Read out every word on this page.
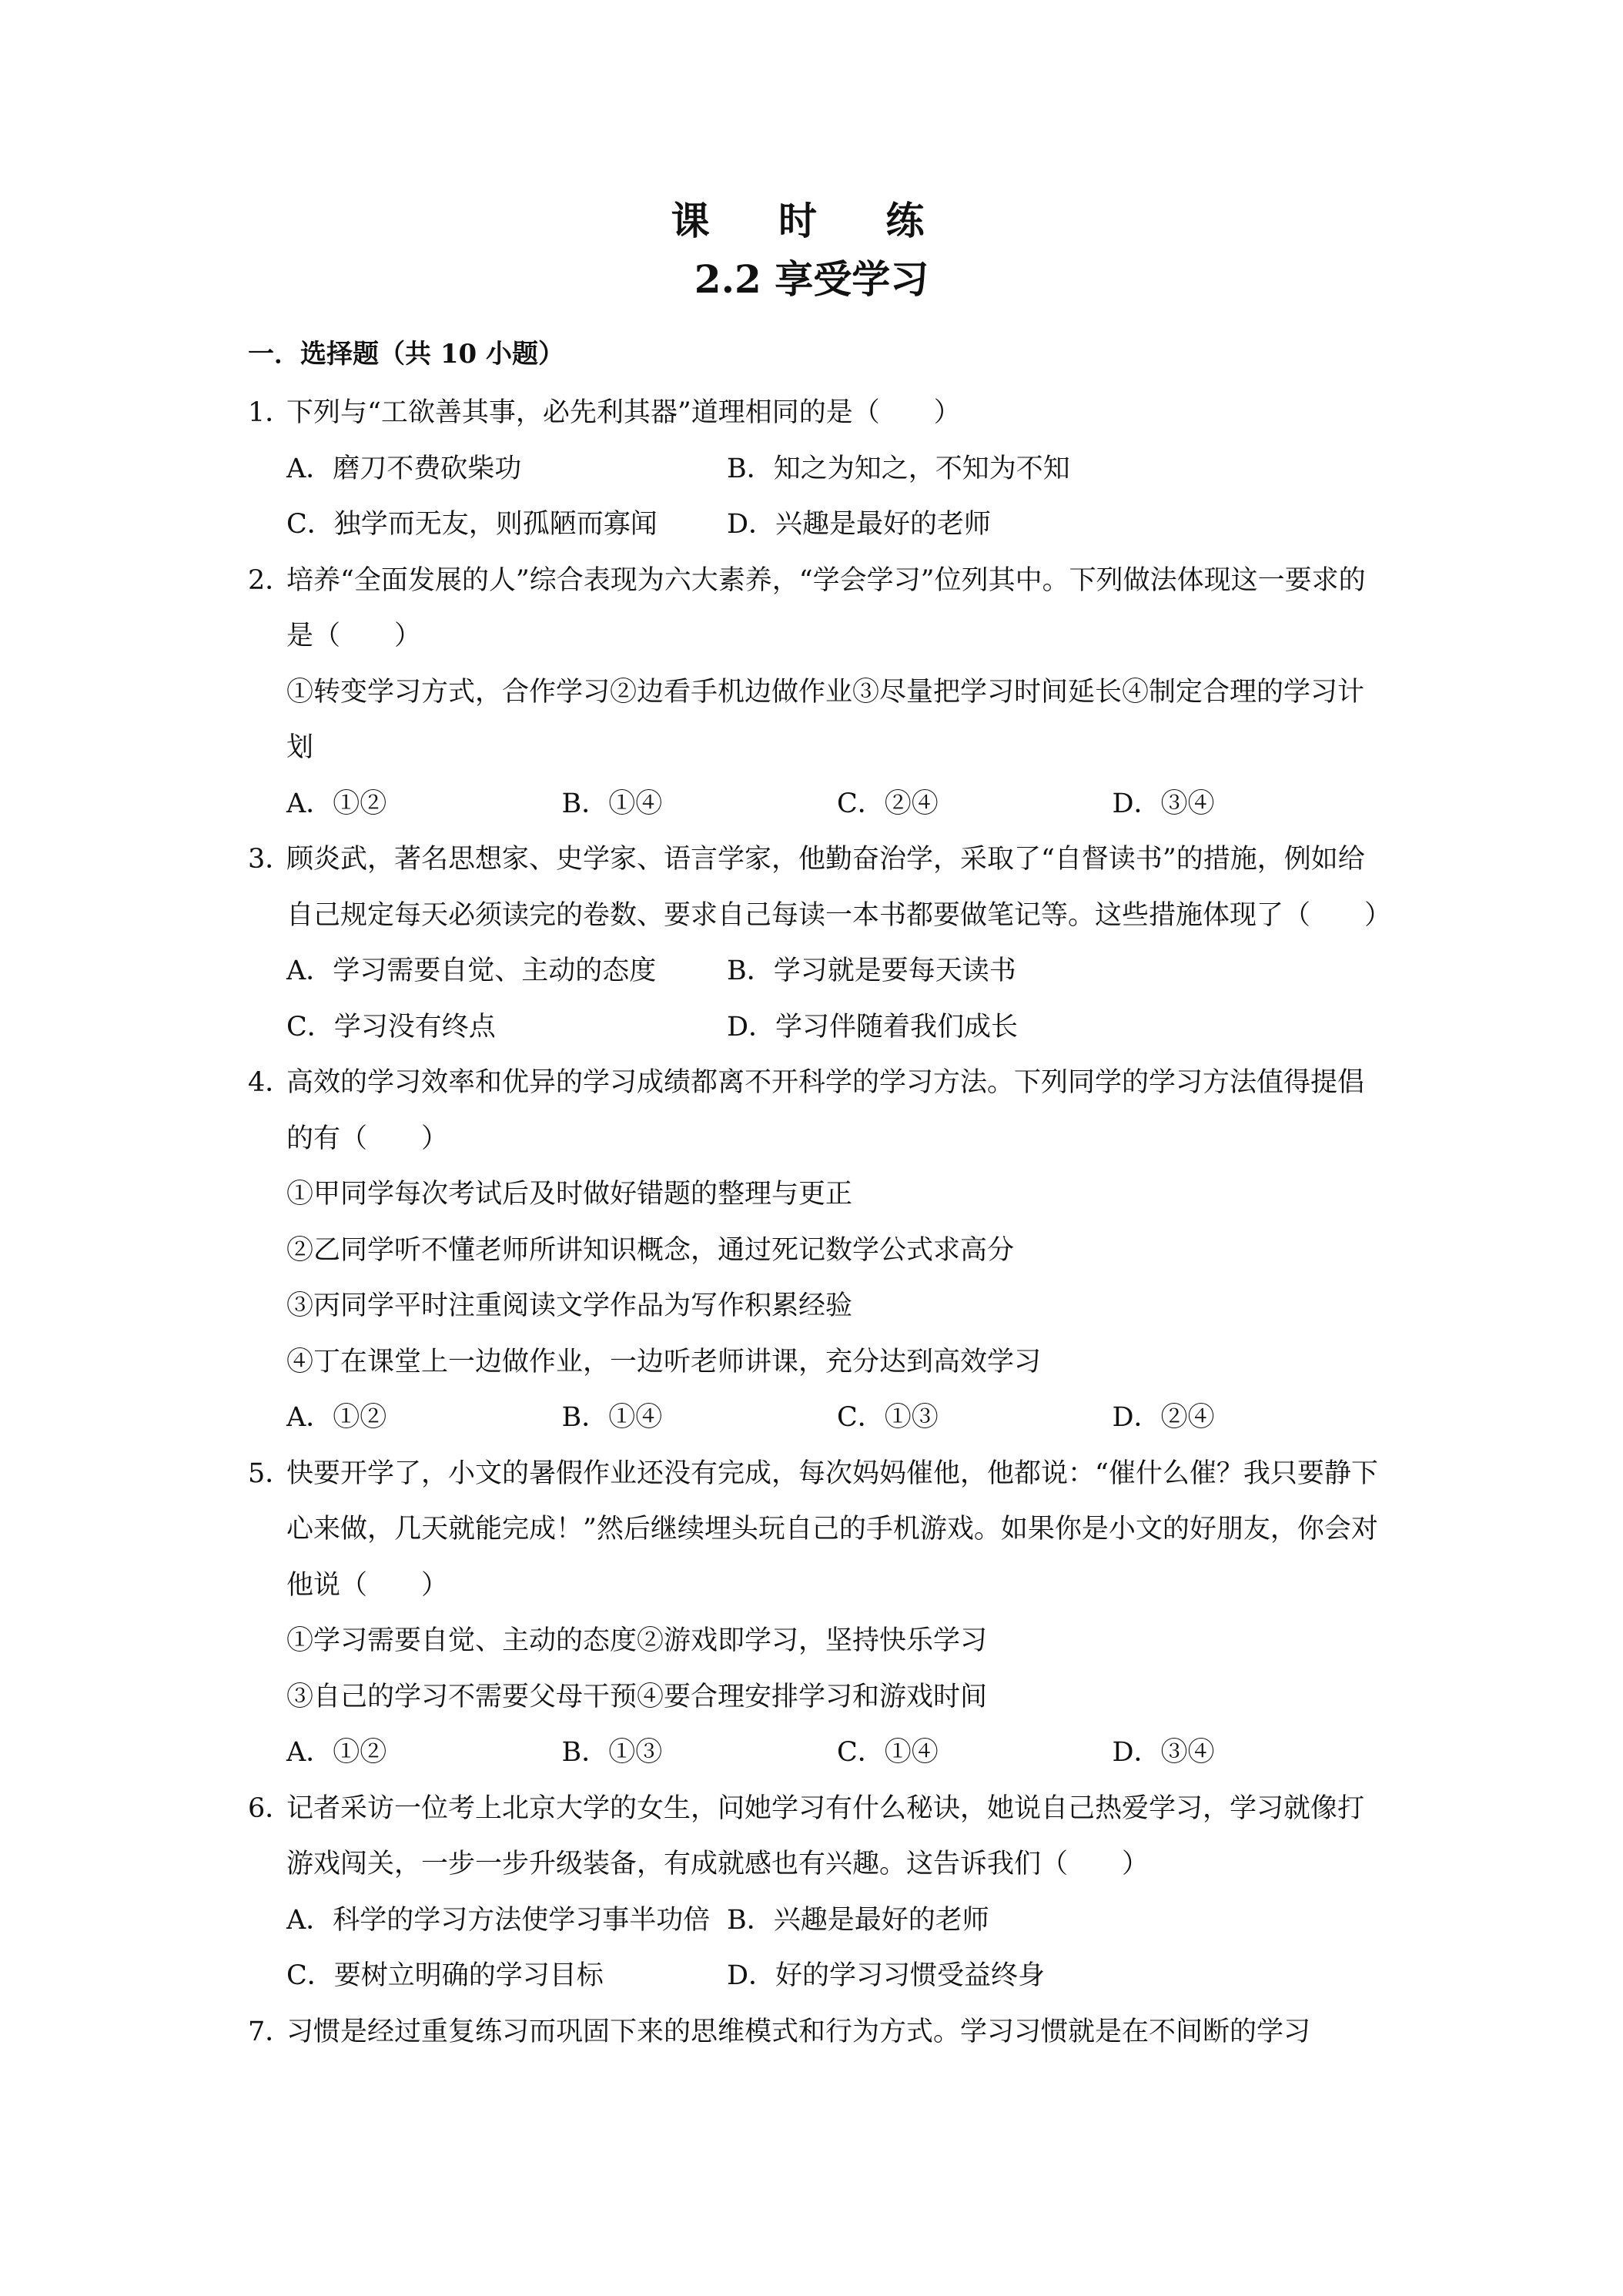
课 时 练
2.2 享受学习
一．选择题（共 10 小题）
1．下列与“工欲善其事，必先利其器”道理相同的是（　　）
A．磨刀不费砍柴功	B．知之为知之，不知为不知
C．独学而无友，则孤陋而寡闻	D．兴趣是最好的老师
2．培养“全面发展的人”综合表现为六大素养，“学会学习”位列其中。下列做法体现这一要求的是（　　）
①转变学习方式，合作学习②边看手机边做作业③尽量把学习时间延长④制定合理的学习计划
A．①②	B．①④	C．②④	D．③④
3．顾炎武，著名思想家、史学家、语言学家，他勤奋治学，采取了“自督读书”的措施，例如给自己规定每天必须读完的卷数、要求自己每读一本书都要做笔记等。这些措施体现了（　　）
A．学习需要自觉、主动的态度	B．学习就是要每天读书
C．学习没有终点	D．学习伴随着我们成长
4．高效的学习效率和优异的学习成绩都离不开科学的学习方法。下列同学的学习方法值得提倡的有（　　）
①甲同学每次考试后及时做好错题的整理与更正
②乙同学听不懂老师所讲知识概念，通过死记数学公式求高分
③丙同学平时注重阅读文学作品为写作积累经验
④丁在课堂上一边做作业，一边听老师讲课，充分达到高效学习
A．①②	B．①④	C．①③	D．②④
5．快要开学了，小文的暑假作业还没有完成，每次妈妈催他，他都说：“催什么催？我只要静下心来做，几天就能完成！”然后继续埋头玩自己的手机游戏。如果你是小文的好朋友，你会对他说（　　）
①学习需要自觉、主动的态度②游戏即学习，坚持快乐学习
③自己的学习不需要父母干预④要合理安排学习和游戏时间
A．①②	B．①③	C．①④	D．③④
6．记者采访一位考上北京大学的女生，问她学习有什么秘诀，她说自己热爱学习，学习就像打游戏闯关，一步一步升级装备，有成就感也有兴趣。这告诉我们（　　）
A．科学的学习方法使学习事半功倍 B．兴趣是最好的老师
C．要树立明确的学习目标	D．好的学习习惯受益终身
7．习惯是经过重复练习而巩固下来的思维模式和行为方式。学习习惯就是在不间断的学习
